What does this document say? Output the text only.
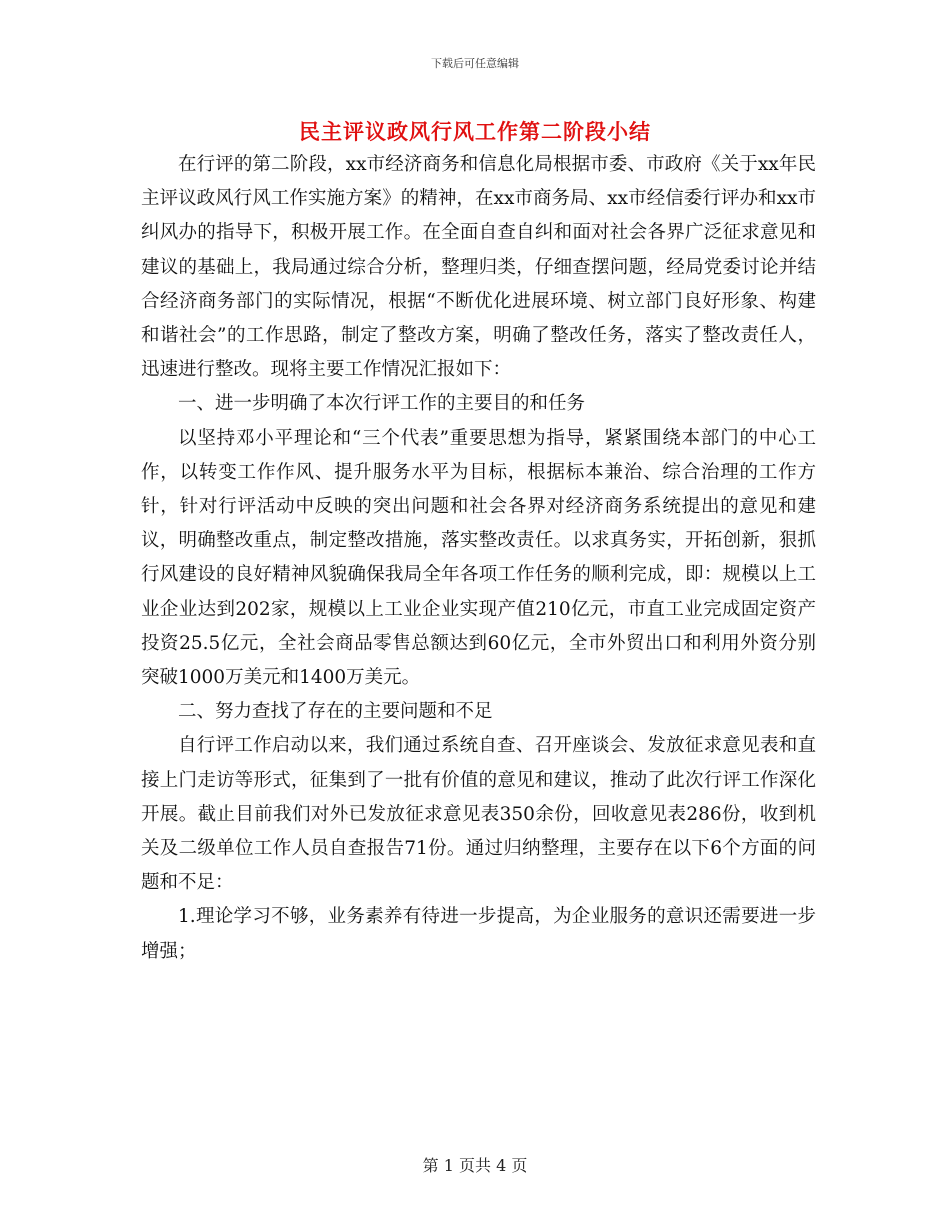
下载后可任意编辑
民主评议政风行风工作第二阶段小结

在行评的第二阶段，xx市经济商务和信息化局根据市委、市政府《关于xx年民主评议政风行风工作实施方案》的精神，在xx市商务局、xx市经信委行评办和xx市纠风办的指导下，积极开展工作。在全面自查自纠和面对社会各界广泛征求意见和建议的基础上，我局通过综合分析，整理归类，仔细查摆问题，经局党委讨论并结合经济商务部门的实际情况，根据“不断优化进展环境、树立部门良好形象、构建和谐社会”的工作思路，制定了整改方案，明确了整改任务，落实了整改责任人，迅速进行整改。现将主要工作情况汇报如下：

一、进一步明确了本次行评工作的主要目的和任务

以坚持邓小平理论和“三个代表”重要思想为指导，紧紧围绕本部门的中心工作，以转变工作作风、提升服务水平为目标，根据标本兼治、综合治理的工作方针，针对行评活动中反映的突出问题和社会各界对经济商务系统提出的意见和建议，明确整改重点，制定整改措施，落实整改责任。以求真务实，开拓创新，狠抓行风建设的良好精神风貌确保我局全年各项工作任务的顺利完成，即：规模以上工业企业达到202家，规模以上工业企业实现产值210亿元，市直工业完成固定资产投资25.5亿元，全社会商品零售总额达到60亿元，全市外贸出口和利用外资分别突破1000万美元和1400万美元。

二、努力查找了存在的主要问题和不足

自行评工作启动以来，我们通过系统自查、召开座谈会、发放征求意见表和直接上门走访等形式，征集到了一批有价值的意见和建议，推动了此次行评工作深化开展。截止目前我们对外已发放征求意见表350余份，回收意见表286份，收到机关及二级单位工作人员自查报告71份。通过归纳整理，主要存在以下6个方面的问题和不足：

1.理论学习不够，业务素养有待进一步提高，为企业服务的意识还需要进一步增强；

第 1 页共 4 页
